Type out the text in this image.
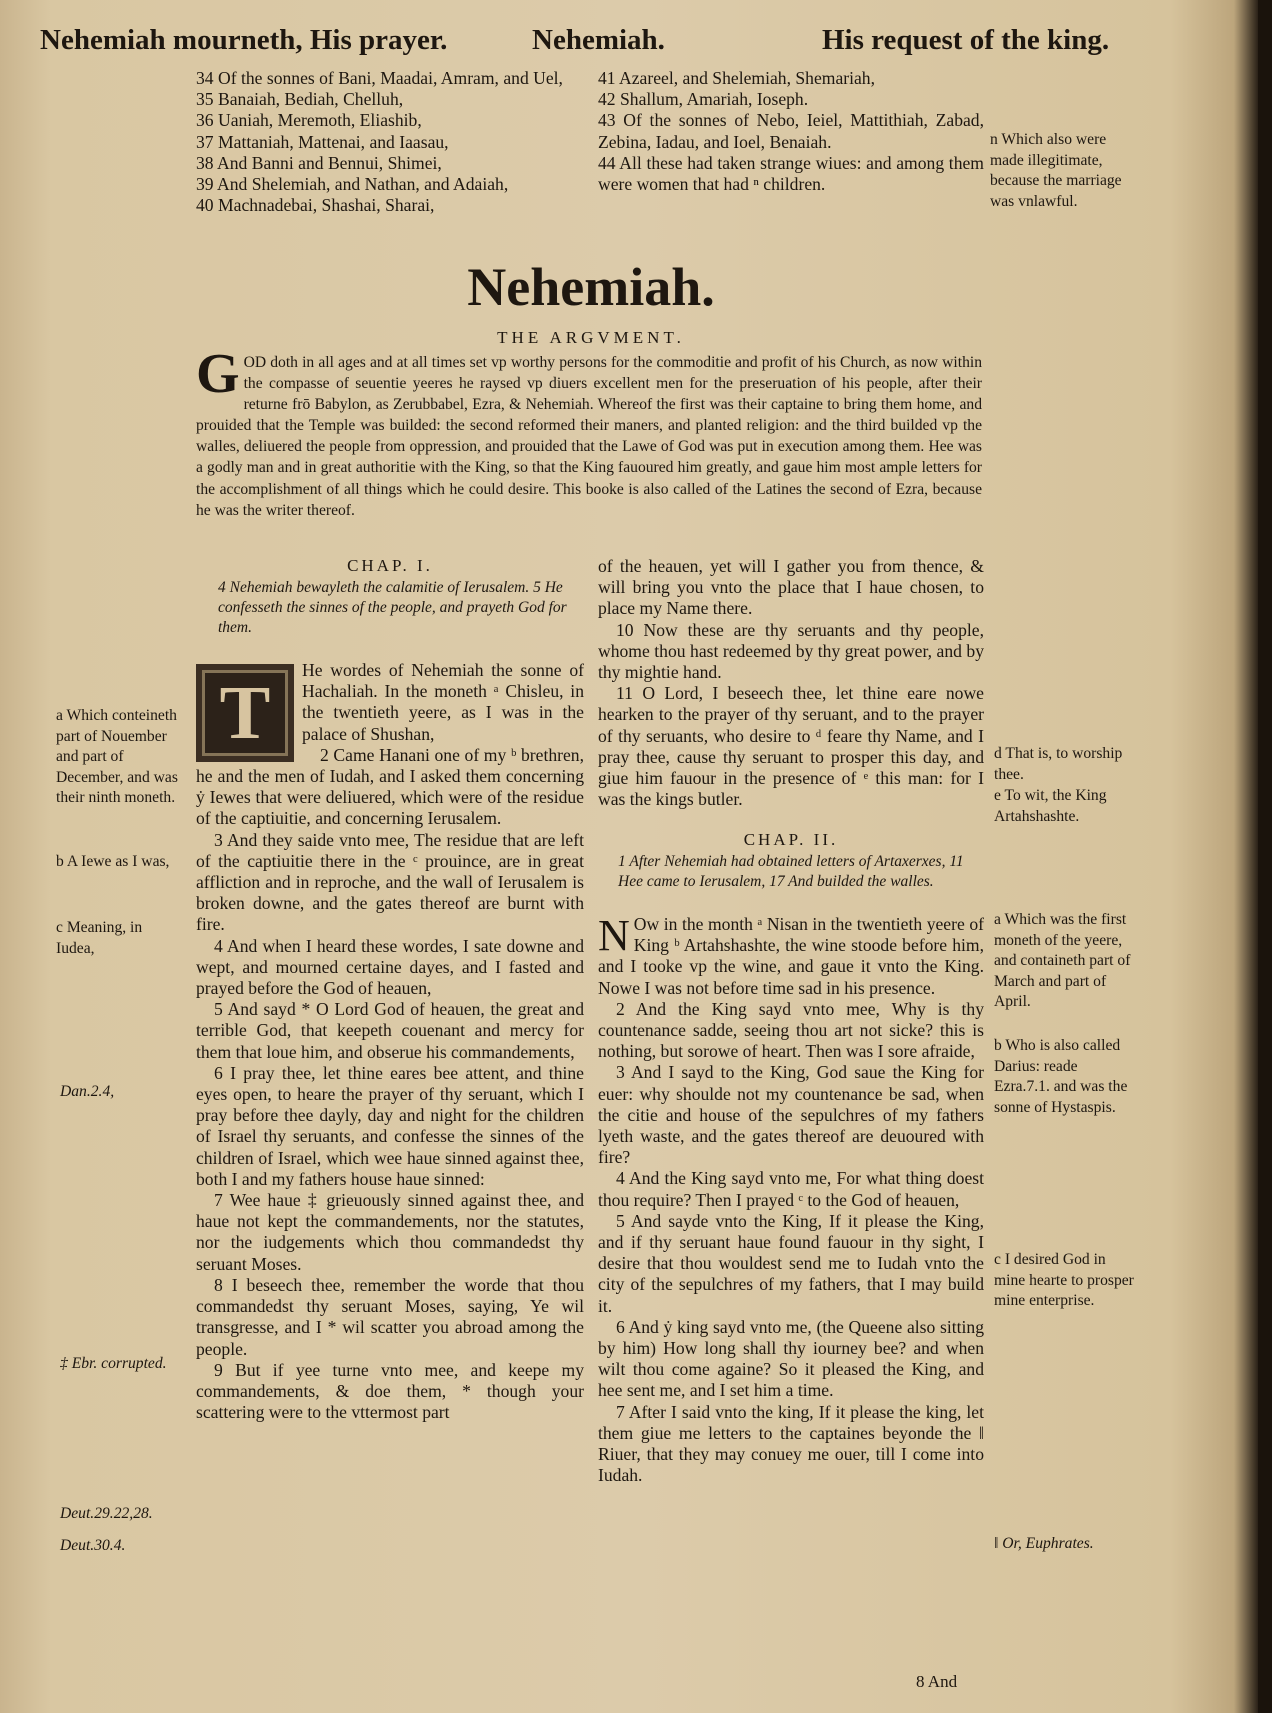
Nehemiah mourneth, His prayer.	Nehemiah.	His request of the king.

34 Of the sonnes of Bani, Maadai, Amram, and Uel,

35 Banaiah, Bediah, Chelluh,

36 Uaniah, Meremoth, Eliashib,

37 Mattaniah, Mattenai, and Iaasau,

38 And Banni and Bennui, Shimei,

39 And Shelemiah, and Nathan, and Adaiah,

40 Machnadebai, Shashai, Sharai,

41 Azareel, and Shelemiah, Shemariah,

42 Shallum, Amariah, Ioseph.

43 Of the sonnes of Nebo, Ieiel, Mattithiah, Zabad, Zebina, Iadau, and Ioel, Benaiah.

44 All these had taken strange wiues: and among them were women that had ⁿ children.

n Which also were made illegitimate, because the marriage was vnlawful.
Nehemiah.
THE ARGVMENT.
GOD doth in all ages and at all times set vp worthy persons for the commoditie and profit of his Church, as now within the compasse of seuentie yeeres he raysed vp diuers excellent men for the preseruation of his people, after their returne frō Babylon, as Zerubbabel, Ezra, & Nehemiah. Whereof the first was their captaine to bring them home, and prouided that the Temple was builded: the second reformed their maners, and planted religion: and the third builded vp the walles, deliuered the people from oppression, and prouided that the Lawe of God was put in execution among them. Hee was a godly man and in great authoritie with the King, so that the King fauoured him greatly, and gaue him most ample letters for the accomplishment of all things which he could desire. This booke is also called of the Latines the second of Ezra, because he was the writer thereof.
CHAP. I.
4 Nehemiah bewayleth the calamitie of Ierusalem. 5 He confesseth the sinnes of the people, and prayeth God for them.

T
He wordes of Nehemiah the sonne of Hachaliah. In the moneth ᵃ Chisleu, in the twentieth yeere, as I was in the palace of Shushan,

2 Came Hanani one of my ᵇ brethren, he and the men of Iudah, and I asked them concerning ẏ Iewes that were deliuered, which were of the residue of the captiuitie, and concerning Ierusalem.

3 And they saide vnto mee, The residue that are left of the captiuitie there in the ᶜ prouince, are in great affliction and in reproche, and the wall of Ierusalem is broken downe, and the gates thereof are burnt with fire.

4 And when I heard these wordes, I sate downe and wept, and mourned certaine dayes, and I fasted and prayed before the God of heauen,

5 And sayd * O Lord God of heauen, the great and terrible God, that keepeth couenant and mercy for them that loue him, and obserue his commandements,

6 I pray thee, let thine eares bee attent, and thine eyes open, to heare the prayer of thy seruant, which I pray before thee dayly, day and night for the children of Israel thy seruants, and confesse the sinnes of the children of Israel, which wee haue sinned against thee, both I and my fathers house haue sinned:

7 Wee haue ‡ grieuously sinned against thee, and haue not kept the commandements, nor the statutes, nor the iudgements which thou commandedst thy seruant Moses.

8 I beseech thee, remember the worde that thou commandedst thy seruant Moses, saying, Ye wil transgresse, and I * wil scatter you abroad among the people.

9 But if yee turne vnto mee, and keepe my commandements, & doe them, * though your scattering were to the vttermost part

of the heauen, yet will I gather you from thence, & will bring you vnto the place that I haue chosen, to place my Name there.

10 Now these are thy seruants and thy people, whome thou hast redeemed by thy great power, and by thy mightie hand.

11 O Lord, I beseech thee, let thine eare nowe hearken to the prayer of thy seruant, and to the prayer of thy seruants, who desire to ᵈ feare thy Name, and I pray thee, cause thy seruant to prosper this day, and giue him fauour in the presence of ᵉ this man: for I was the kings butler.

CHAP. II.
1 After Nehemiah had obtained letters of Artaxerxes, 11 Hee came to Ierusalem, 17 And builded the walles.

N Ow in the month ᵃ Nisan in the twentieth yeere of King ᵇ Artahshashte, the wine stoode before him, and I tooke vp the wine, and gaue it vnto the King. Nowe I was not before time sad in his presence.

2 And the King sayd vnto mee, Why is thy countenance sadde, seeing thou art not sicke? this is nothing, but sorowe of heart. Then was I sore afraide,

3 And I sayd to the King, God saue the King for euer: why shoulde not my countenance be sad, when the citie and house of the sepulchres of my fathers lyeth waste, and the gates thereof are deuoured with fire?

4 And the King sayd vnto me, For what thing doest thou require? Then I prayed ᶜ to the God of heauen,

5 And sayde vnto the King, If it please the King, and if thy seruant haue found fauour in thy sight, I desire that thou wouldest send me to Iudah vnto the city of the sepulchres of my fathers, that I may build it.

6 And ẏ king sayd vnto me, (the Queene also sitting by him) How long shall thy iourney bee? and when wilt thou come againe? So it pleased the King, and hee sent me, and I set him a time.

7 After I said vnto the king, If it please the king, let them giue me letters to the captaines beyonde the ‖ Riuer, that they may conuey me ouer, till I come into Iudah.

8 And
a Which conteineth part of Nouember and part of December, and was their ninth moneth.
b A Iewe as I was,
c Meaning, in Iudea,
Dan.2.4,
‡ Ebr. corrupted.
Deut.29.22,28.
Deut.30.4.
d That is, to worship thee.
e To wit, the King Artahshashte.
a Which was the first moneth of the yeere, and containeth part of March and part of April.
b Who is also called Darius: reade Ezra.7.1. and was the sonne of Hystaspis.
c I desired God in mine hearte to prosper mine enterprise.
‖ Or, Euphrates.
